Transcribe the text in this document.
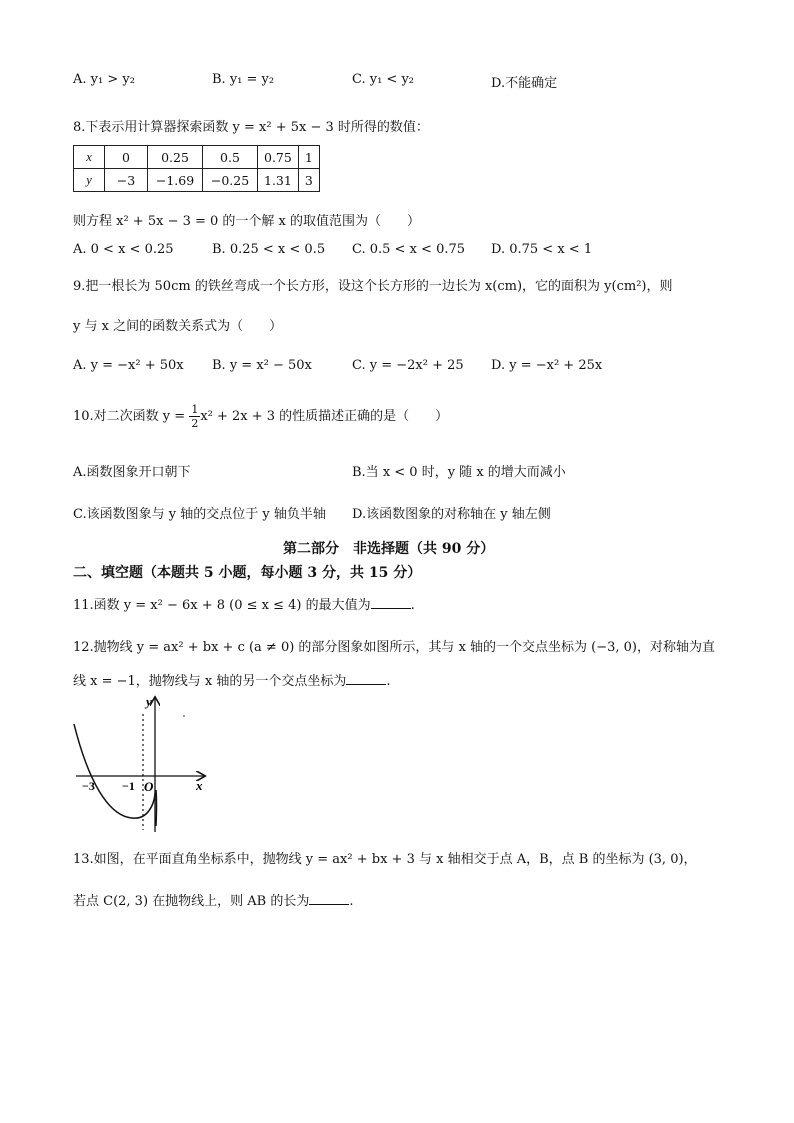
A. y₁ > y₂	B. y₁ = y₂	C. y₁ < y₂	D.不能确定
8.下表示用计算器探索函数 y = x² + 5x − 3 时所得的数值：
x	0	0.25	0.5	0.75	1
y	−3	−1.69	−0.25	1.31	3
则方程 x² + 5x − 3 = 0 的一个解 x 的取值范围为（　　）
A. 0 < x < 0.25	B. 0.25 < x < 0.5 C. 0.5 < x < 0.75 D. 0.75 < x < 1
9.把一根长为 50cm 的铁丝弯成一个长方形，设这个长方形的一边长为 x(cm)，它的面积为 y(cm²)，则
y 与 x 之间的函数关系式为（　　）
A. y = −x² + 50x B. y = x² − 50x	C. y = −2x² + 25 D. y = −x² + 25x
10.对二次函数 $y = \frac{1}{2} x^2 + 2x + 3$ 的性质描述正确的是（　　）
A.函数图象开口朝下	B.当 x < 0 时，y 随 x 的增大而减小
C.该函数图象与 y 轴的交点位于 y 轴负半轴 D.该函数图象的对称轴在 y 轴左侧
第二部分　非选择题（共 90 分）
二、填空题（本题共 5 小题，每小题 3 分，共 15 分）
11.函数 y = x² − 6x + 8 (0 ≤ x ≤ 4) 的最大值为	.
12.抛物线 y = ax² + bx + c (a ≠ 0) 的部分图象如图所示，其与 x 轴的一个交点坐标为 (−3, 0)，对称轴为直
线 x = −1，抛物线与 x 轴的另一个交点坐标为	.
y
x
−3 −1 O
13.如图，在平面直角坐标系中，抛物线 y = ax² + bx + 3 与 x 轴相交于点 A，B，点 B 的坐标为 (3, 0)，
若点 C(2, 3) 在抛物线上，则 AB 的长为	.
